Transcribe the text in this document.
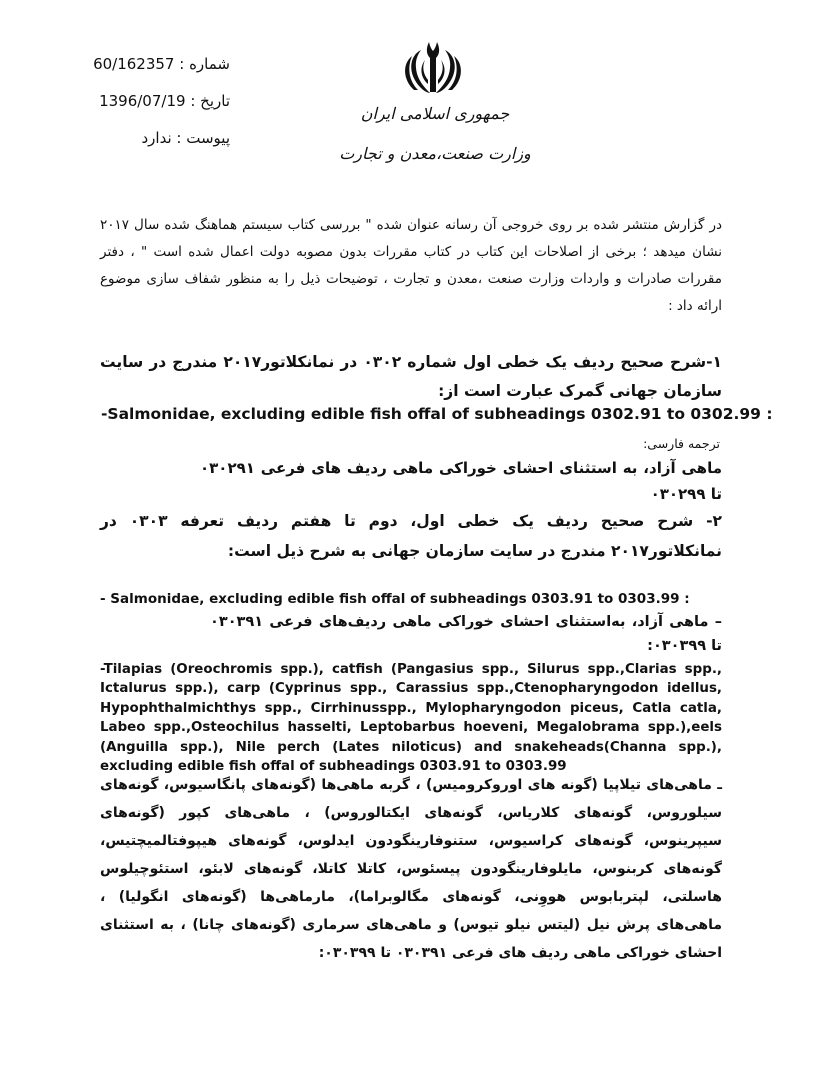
شماره : 60/162357
تاریخ : 1396/07/19
پیوست : ندارد
جمهوری اسلامی ایران
وزارت صنعت،معدن و تجارت
در گزارش منتشر شده بر روی خروجی آن رسانه عنوان شده " بررسی کتاب سیستم هماهنگ شده سال ۲۰۱۷ نشان میدهد ؛ برخی از اصلاحات این کتاب در کتاب مقررات بدون مصوبه دولت اعمال شده است " ، دفتر مقررات صادرات و واردات وزارت صنعت ،معدن و تجارت ، توضیحات ذیل را به منظور شفاف سازی موضوع ارائه داد :
۱-شرح صحیح ردیف یک خطی اول شماره ۰۳۰۲ در نمانکلاتور۲۰۱۷ مندرج در سایت سازمان جهانی گمرک عبارت است از:
-Salmonidae, excluding edible fish offal of subheadings 0302.91 to 0302.99 :
ترجمه فارسی:
ماهی آزاد، به استثنای احشای خوراکی ماهی ردیف های فرعی ۰۳۰۲۹۱ تا ۰۳۰۲۹۹
۲- شرح صحیح ردیف یک خطی اول، دوم تا هفتم ردیف تعرفه ۰۳۰۳ در نمانکلاتور۲۰۱۷ مندرج در سایت سازمان جهانی به شرح ذیل است:
- Salmonidae, excluding edible fish offal of subheadings 0303.91 to 0303.99 :
– ماهی آزاد، به‌استثنای احشای خوراکی ماهی ردیف‌های فرعی ۰۳۰۳۹۱ تا ۰۳۰۳۹۹:
-Tilapias (Oreochromis spp.), catfish (Pangasius spp., Silurus spp.,Clarias spp., Ictalurus spp.), carp (Cyprinus spp., Carassius spp.,Ctenopharyngodon idellus, Hypophthalmichthys spp., Cirrhinusspp., Mylopharyngodon piceus, Catla catla, Labeo spp.,Osteochilus hasselti, Leptobarbus hoeveni, Megalobrama spp.),eels (Anguilla spp.), Nile perch (Lates niloticus) and snakeheads(Channa spp.), excluding edible fish offal of subheadings 0303.91 to 0303.99
ـ ماهی‌های تیلاپیا (گونه های اوروکرومیس) ، گربه ماهی‌ها (گونه‌های پانگاسیوس، گونه‌های سیلوروس، گونه‌های کلاریاس، گونه‌های ایکتالوروس) ، ماهی‌های کپور (گونه‌های سیپرینوس، گونه‌های کراسیوس، ستنوفارینگودون ایدلوس، گونه‌های هیپوفتالمیچتیس، گونه‌های کربنوس، مایلوفارینگودون پیسئوس، کاتلا کاتلا، گونه‌های لابئو، استئوچیلوس هاسلتی، لپتربابوس هووِنی، گونه‌های مگالوبراما)، مارماهی‌ها (گونه‌های انگولیا) ، ماهی‌های پرش نیل (لیتس نیلو تیوس) و ماهی‌های سرماری (گونه‌های چانا) ، به استثنای احشای خوراکی ماهی ردیف های فرعی ۰۳۰۳۹۱ تا ۰۳۰۳۹۹:
